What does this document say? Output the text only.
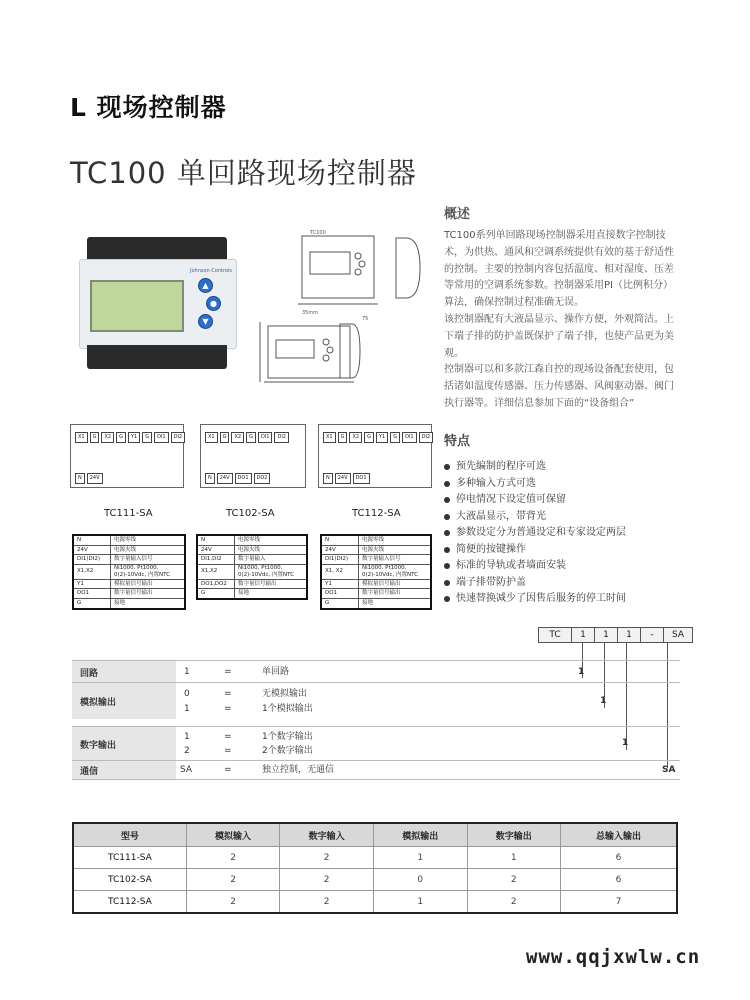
L 现场控制器
TC100 单回路现场控制器
Johnson Controls
▲
●
▼
35mm
TC100
75
概述

TC100系列单回路现场控制器采用直接数字控制技术，为供热、通风和空调系统提供有效的基于舒适性的控制。主要的控制内容包括温度、相对湿度、压差等常用的空调系统参数。控制器采用PI（比例积分）算法，确保控制过程准确无误。

该控制器配有大液晶显示、操作方便，外观简洁。上下端子排的防护盖既保护了端子排，也使产品更为美观。

控制器可以和多款江森自控的现场设备配套使用，包括诸如温度传感器、压力传感器、风阀驱动器、阀门执行器等。详细信息参加下面的“设备组合”

特点
预先编制的程序可选
多种输入方式可选
停电情况下设定值可保留
大液晶显示，带背光
参数设定分为普通设定和专家设定两层
简便的按键操作
标准的导轨或者墙面安装
端子排带防护盖
快速替换减少了因售后服务的停工时间
X1	G	X2	G	Y1	G	DI1	DI2
N	24V
TC111-SA
X1	G	X2	G	DI1	DI2
N	24V	DO1	DO2
TC102-SA
X1	G	X2	G	Y1	G	DI1	DI2
N	24V	DO1
TC112-SA
N	电源零线
24V	电源火线
DI1(DI2)	数字量输入信号
X1,X2	Ni1000, Pt1000, 0(2)-10Vdc, 内置NTC
Y1	模拟量信号输出
DO1	数字量信号输出
G	接地
N	电源零线
24V	电源火线
DI1,DI2	数字量输入
X1,X2	Ni1000, Pt1000, 0(2)-10Vdc, 内置NTC
DO1,DO2	数字量信号输出
G	接地
N	电源零线
24V	电源火线
DI1(DI2)	数字量输入信号
X1, X2	Ni1000, Pt1000, 0(2)-10Vdc, 内置NTC
Y1	模拟量信号输出
DO1	数字量信号输出
G	接地
TC	1	1	1	-	SA
回路	1	=	单回路	1
模拟输出
0	=	无模拟输出
1	=	1个模拟输出
1
数字输出
1	=	1个数字输出
2	=	2个数字输出
1
通信	SA	=	独立控制，无通信	SA
型号	模拟输入	数字输入	模拟输出	数字输出	总输入输出
TC111-SA	2	2	1	1	6
TC102-SA	2	2	0	2	6
TC112-SA	2	2	1	2	7
www.qqjxwlw.cn
